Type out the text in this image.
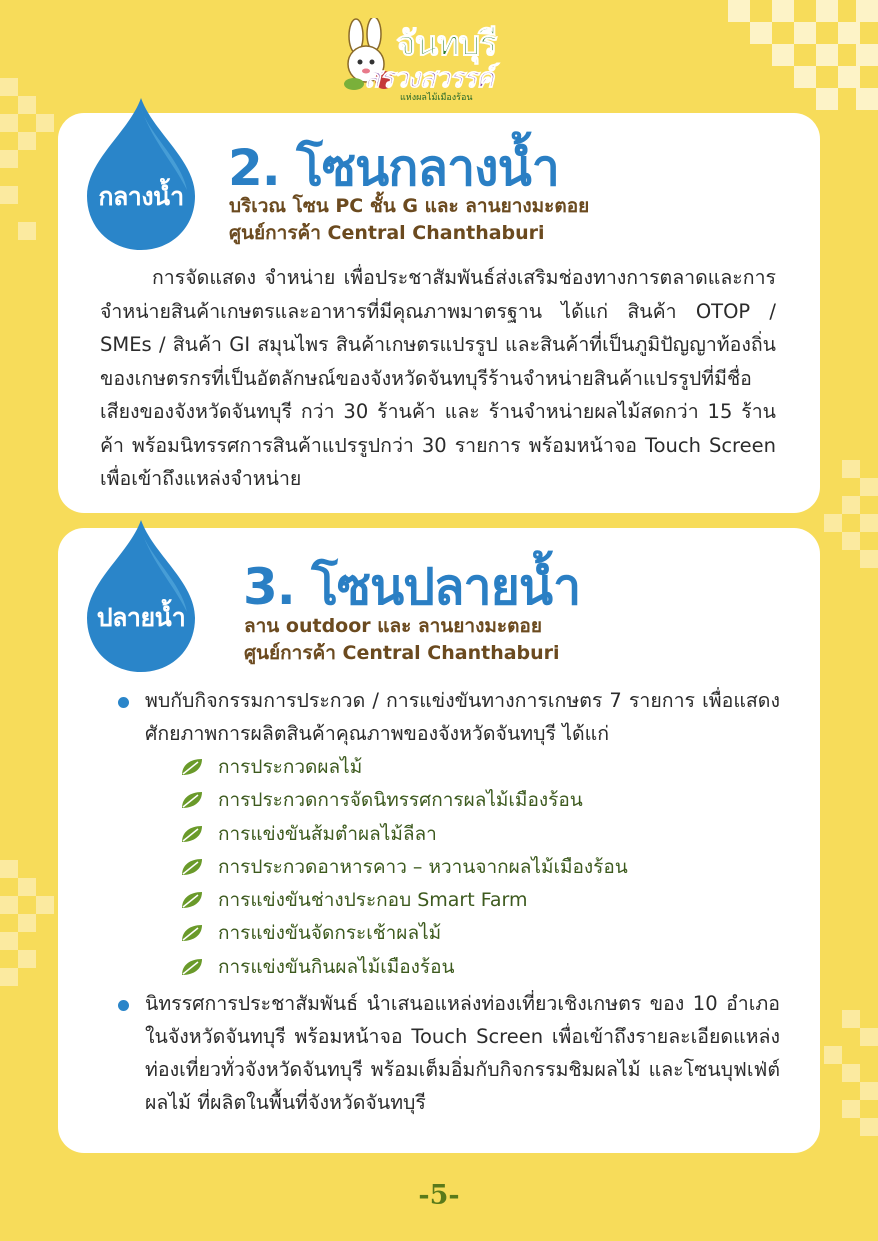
จันทบุรี
สรวงสวรรค์
แห่งผลไม้เมืองร้อน
กลางน้ำ 2. โซนกลางน้ำ

บริเวณ โซน PC ชั้น G และ ลานยางมะตอย

ศูนย์การค้า Central Chanthaburi

การจัดแสดง จำหน่าย เพื่อประชาสัมพันธ์ส่งเสริมช่องทางการตลาดและการจำหน่ายสินค้าเกษตรและอาหารที่มีคุณภาพมาตรฐาน ได้แก่ สินค้า OTOP / SMEs / สินค้า GI สมุนไพร สินค้าเกษตรแปรรูป และสินค้าที่เป็นภูมิปัญญาท้องถิ่นของเกษตรกรที่เป็นอัตลักษณ์ของจังหวัดจันทบุรีร้านจำหน่ายสินค้าแปรรูปที่มีชื่อเสียงของจังหวัดจันทบุรี กว่า 30 ร้านค้า และ ร้านจำหน่ายผลไม้สดกว่า 15 ร้านค้า พร้อมนิทรรศการสินค้าแปรรูปกว่า 30 รายการ พร้อมหน้าจอ Touch Screen เพื่อเข้าถึงแหล่งจำหน่าย

ปลายน้ำ
3. โซนปลายน้ำ

ลาน outdoor และ ลานยางมะตอย

ศูนย์การค้า Central Chanthaburi

พบกับกิจกรรมการประกวด / การแข่งขันทางการเกษตร 7 รายการ เพื่อแสดงศักยภาพการผลิตสินค้าคุณภาพของจังหวัดจันทบุรี ได้แก่

การประกวดผลไม้
การประกวดการจัดนิทรรศการผลไม้เมืองร้อน
การแข่งขันส้มตำผลไม้ลีลา
การประกวดอาหารคาว – หวานจากผลไม้เมืองร้อน
การแข่งขันช่างประกอบ Smart Farm
การแข่งขันจัดกระเช้าผลไม้
การแข่งขันกินผลไม้เมืองร้อน

นิทรรศการประชาสัมพันธ์ นำเสนอแหล่งท่องเที่ยวเชิงเกษตร ของ 10 อำเภอ ในจังหวัดจันทบุรี พร้อมหน้าจอ Touch Screen เพื่อเข้าถึงรายละเอียดแหล่งท่องเที่ยวทั่วจังหวัดจันทบุรี พร้อมเต็มอิ่มกับกิจกรรมชิมผลไม้ และโซนบุฟเฟ่ต์ผลไม้ ที่ผลิตในพื้นที่จังหวัดจันทบุรี

-5-
